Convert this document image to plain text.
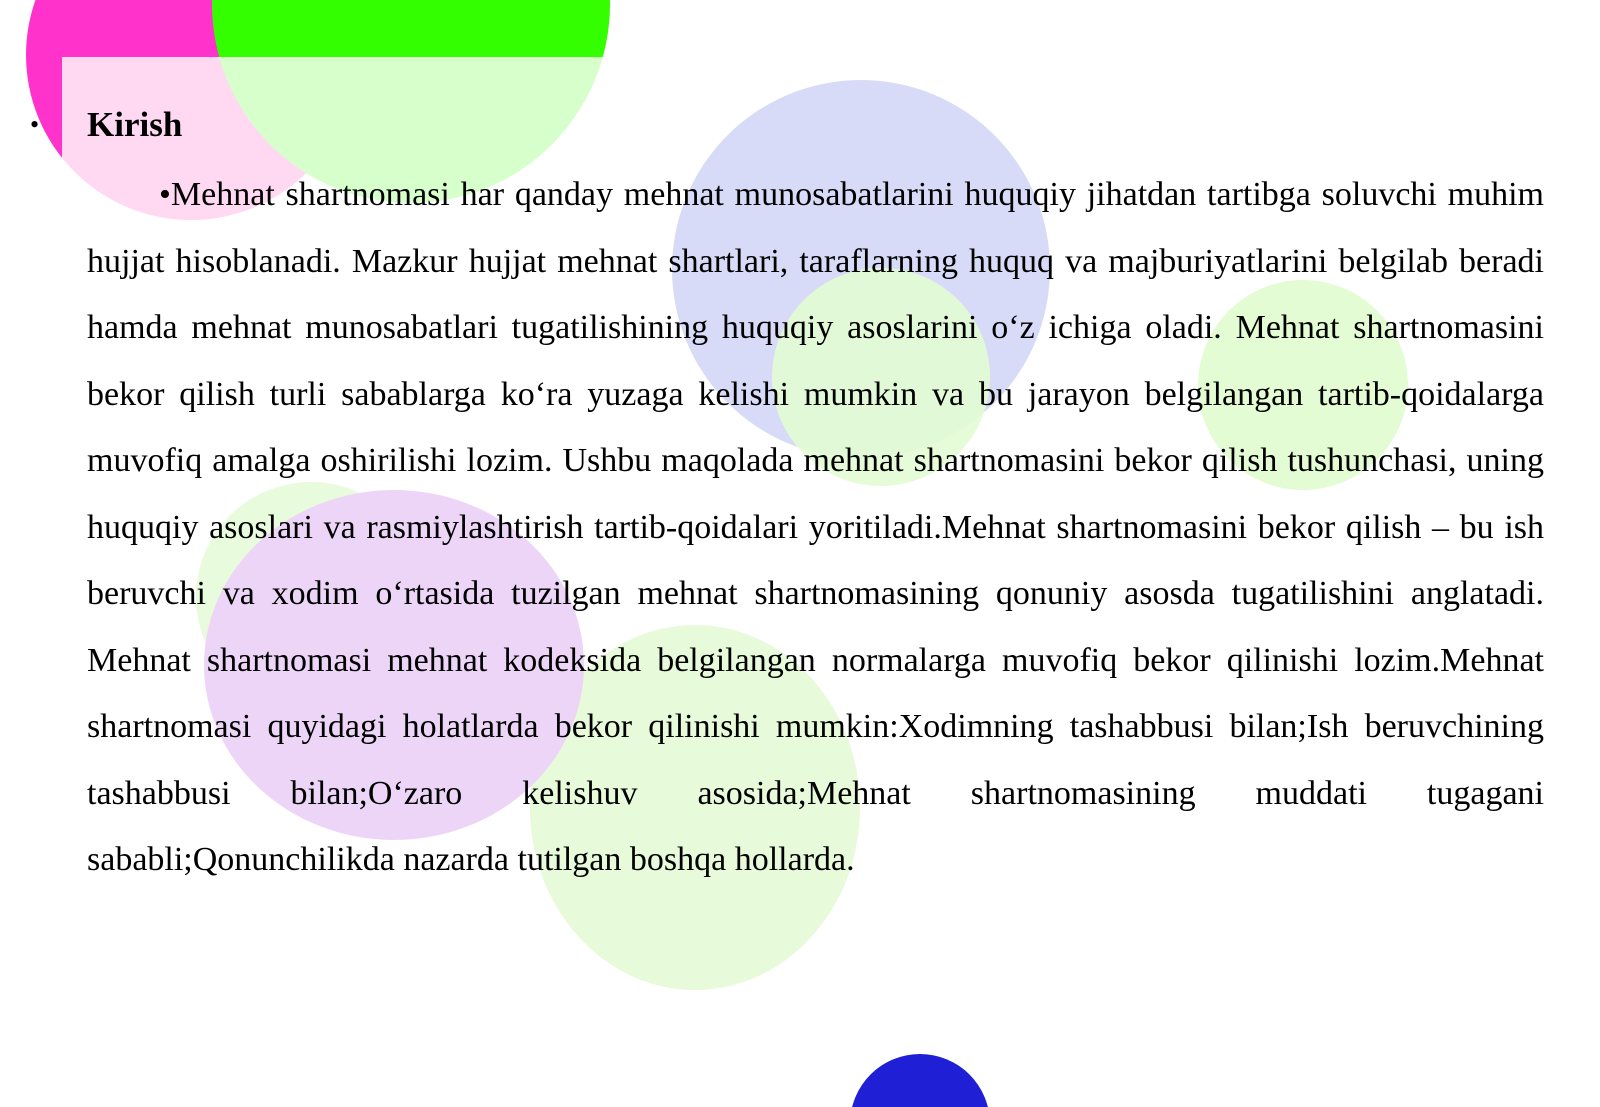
•	Kirish

•Mehnat shartnomasi har qanday mehnat munosabatlarini huquqiy jihatdan tartibga soluvchi muhim hujjat hisoblanadi. Mazkur hujjat mehnat shartlari, taraflarning huquq va majburiyatlarini belgilab beradi hamda mehnat munosabatlari tugatilishining huquqiy asoslarini o‘z ichiga oladi. Mehnat shartnomasini bekor qilish turli sabablarga ko‘ra yuzaga kelishi mumkin va bu jarayon belgilangan tartib-qoidalarga muvofiq amalga oshirilishi lozim. Ushbu maqolada mehnat shartnomasini bekor qilish tushunchasi, uning huquqiy asoslari va rasmiylashtirish tartib-qoidalari yoritiladi.Mehnat shartnomasini bekor qilish – bu ish beruvchi va xodim o‘rtasida tuzilgan mehnat shartnomasining qonuniy asosda tugatilishini anglatadi. Mehnat shartnomasi mehnat kodeksida belgilangan normalarga muvofiq bekor qilinishi lozim.Mehnat shartnomasi quyidagi holatlarda bekor qilinishi mumkin:Xodimning tashabbusi bilan;Ish beruvchining tashabbusi bilan;O‘zaro kelishuv asosida;Mehnat shartnomasining muddati tugagani sababli;Qonunchilikda nazarda tutilgan boshqa hollarda.
